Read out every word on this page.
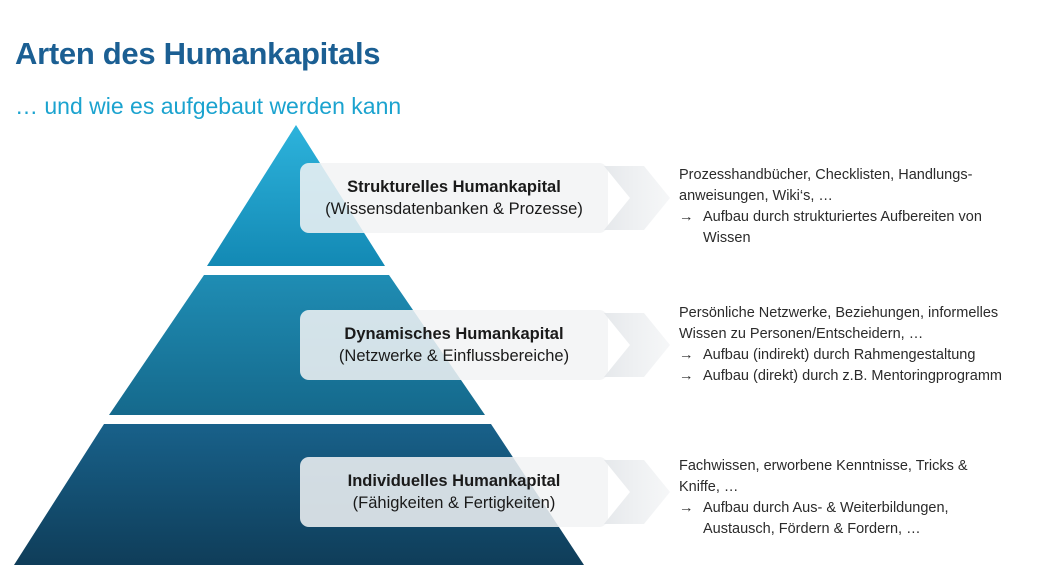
Arten des Humankapitals
… und wie es aufgebaut werden kann
Strukturelles Humankapital
(Wissensdatenbanken & Prozesse)
Dynamisches Humankapital
(Netzwerke & Einflussbereiche)
Individuelles Humankapital
(Fähigkeiten & Fertigkeiten)
Prozesshandbücher, Checklisten, Handlungs-
anweisungen, Wiki‘s, …
→ Aufbau durch strukturiertes Aufbereiten von
Wissen
Persönliche Netzwerke, Beziehungen, informelles
Wissen zu Personen/Entscheidern, …
→ Aufbau (indirekt) durch Rahmengestaltung
→ Aufbau (direkt) durch z.B. Mentoringprogramm
Fachwissen, erworbene Kenntnisse, Tricks &
Kniffe, …
→ Aufbau durch Aus- & Weiterbildungen,
Austausch, Fördern & Fordern, …
